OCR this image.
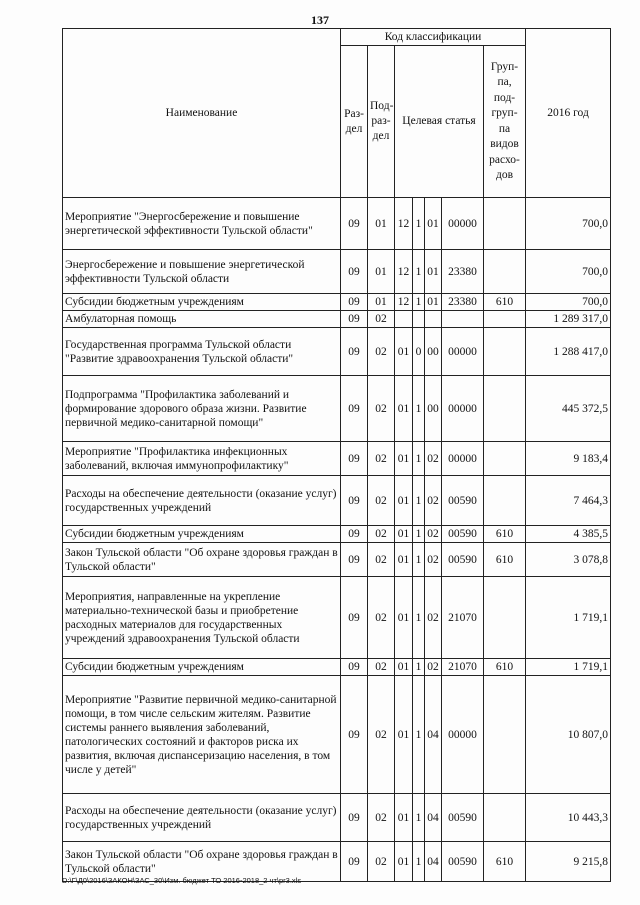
137
Наименование	Код классификации							2016 год
	Раз-дел	Под-раз-дел	Целевая статья				Груп-па, под-груп-па видов расхо-дов	
Мероприятие "Энергосбережение и повышение энергетической эффективности Тульской области"	09	01	12	1	01	00000		700,0
Энергосбережение и повышение энергетической эффективности Тульской области	09	01	12	1	01	23380		700,0
Субсидии бюджетным учреждениям	09	01	12	1	01	23380	610	700,0
Амбулаторная помощь	09	02						1 289 317,0
Государственная программа Тульской области "Развитие здравоохранения Тульской области"	09	02	01	0	00	00000		1 288 417,0
Подпрограмма "Профилактика заболеваний и формирование здорового образа жизни. Развитие первичной медико-санитарной помощи"	09	02	01	1	00	00000		445 372,5
Мероприятие "Профилактика инфекционных заболеваний, включая иммунопрофилактику"	09	02	01	1	02	00000		9 183,4
Расходы на обеспечение деятельности (оказание услуг) государственных учреждений	09	02	01	1	02	00590		7 464,3
Субсидии бюджетным учреждениям	09	02	01	1	02	00590	610	4 385,5
Закон Тульской области "Об охране здоровья граждан в Тульской области"	09	02	01	1	02	00590	610	3 078,8
Мероприятия, направленные на укрепление материально-технической базы и приобретение расходных материалов для государственных учреждений здравоохранения Тульской области	09	02	01	1	02	21070		1 719,1
Субсидии бюджетным учреждениям	09	02	01	1	02	21070	610	1 719,1
Мероприятие "Развитие первичной медико-санитарной помощи, в том числе сельским жителям. Развитие системы раннего выявления заболеваний, патологических состояний и факторов риска их развития, включая диспансеризацию населения, в том числе у детей"	09	02	01	1	04	00000		10 807,0
Расходы на обеспечение деятельности (оказание услуг) государственных учреждений	09	02	01	1	04	00590		10 443,3
Закон Тульской области "Об охране здоровья граждан в Тульской области"	09	02	01	1	04	00590	610	9 215,8
D:\Г\Д0\2016\ЗАКОН\ЗАС_30\Изм. бюджет ТО 2016-2018_2 чт\pr3.xls
